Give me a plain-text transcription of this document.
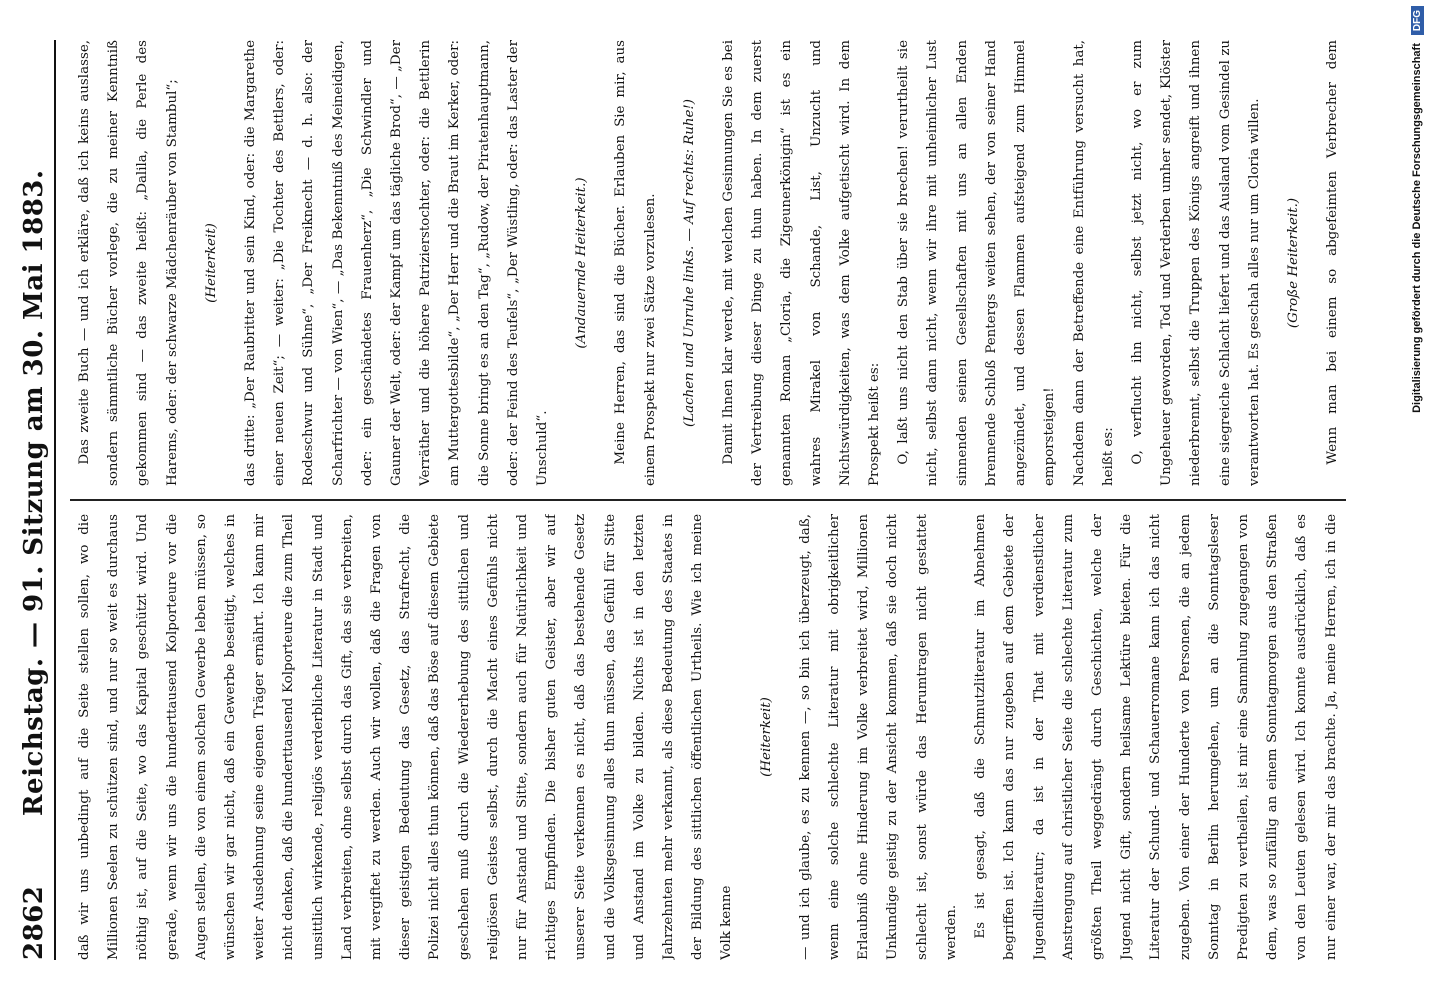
2862
Reichstag. — 91. Sitzung am 30. Mai 1883.	daß wir uns unbedingt auf die Seite stellen sollen, wo die Millionen Seelen zu schützen sind, und nur so weit es durchaus nöthig ist, auf die Seite, wo das Kapital geschützt wird. Und gerade, wenn wir uns die hunderttausend Kolporteure vor die Augen stellen, die von einem solchen Gewerbe leben müssen, so wünschen wir gar nicht, daß ein Gewerbe beseitigt, welches in weiter Ausdehnung seine eigenen Träger ernährt. Ich kann mir nicht denken, daß die hunderttausend Kolporteure die zum Theil unsittlich wirkende, religiös verderbliche Literatur in Stadt und Land verbreiten, ohne selbst durch das Gift, das sie verbreiten, mit vergiftet zu werden. Auch wir wollen, daß die Fragen von dieser geistigen Bedeutung das Gesetz, das Strafrecht, die Polizei nicht alles thun können, daß das Böse auf diesem Gebiete geschehen muß durch die Wiedererhebung des sittlichen und religiösen Geistes selbst, durch die Macht eines Gefühls nicht nur für Anstand und Sitte, sondern auch für Natürlichkeit und richtiges Empfinden. Die bisher guten Geister, aber wir auf unserer Seite verkennen es nicht, daß das bestehende Gesetz und die Volksgesinnung alles thun müssen, das Gefühl für Sitte und Anstand im Volke zu bilden. Nichts ist in den letzten Jahrzehnten mehr verkannt, als diese Bedeutung des Staates in der Bildung des sittlichen öffentlichen Urtheils. Wie ich meine Volk kenne

(Heiterkeit)	— und ich glaube, es zu kennen —, so bin ich überzeugt, daß, wenn eine solche schlechte Literatur mit obrigkeitlicher Erlaubniß ohne Hinderung im Volke verbreitet wird, Millionen Unkundige geistig zu der Ansicht kommen, daß sie doch nicht schlecht ist, sonst würde das Herumtragen nicht gestattet werden.	Es ist gesagt, daß die Schmutzliteratur im Abnehmen begriffen ist. Ich kann das nur zugeben auf dem Gebiete der Jugendliteratur; da ist in der That mit verdienstlicher Anstrengung auf christlicher Seite die schlechte Literatur zum größten Theil weggedrängt durch Geschichten, welche der Jugend nicht Gift, sondern heilsame Lektüre bieten. Für die Literatur der Schund- und Schauerromane kann ich das nicht zugeben. Von einer der Hunderte von Personen, die an jedem Sonntag in Berlin herumgehen, um an die Sonntagsleser Predigten zu vertheilen, ist mir eine Sammlung zugegangen von dem, was so zufällig an einem Sonntagmorgen aus den Straßen von den Leuten gelesen wird. Ich konnte ausdrücklich, daß es nur einer war, der mir das brachte. Ja, meine Herren, ich in die

Das zweite Buch — und ich erkläre, daß ich keins auslasse, sondern sämmtliche Bücher vorlege, die zu meiner Kenntniß gekommen sind — das zweite heißt: „Dalila, die Perle des Harems, oder: der schwarze Mädchenräuber von Stambul“;	(Heiterkeit)	das dritte: „Der Raubritter und sein Kind, oder: die Margarethe einer neuen Zeit“; — weiter: „Die Tochter des Bettlers, oder: Rodeschwur und Sühne“, „Der Freiknecht — d. h. also: der Scharfrichter — von Wien“, — „Das Bekenntniß des Meineidigen, oder: ein geschändetes Frauenherz“, „Die Schwindler und Gauner der Welt, oder: der Kampf um das tägliche Brod“, — „Der Verräther und die höhere Patrizierstochter, oder: die Bettlerin am Muttergottesbilde“, „Der Herr und die Braut im Kerker, oder: die Sonne bringt es an den Tag“, „Rudow, der Piratenhauptmann, oder: der Feind des Teufels“, „Der Wüstling, oder: das Laster der Unschuld“.

(Andauernde Heiterkeit.)	Meine Herren, das sind die Bücher. Erlauben Sie mir, aus einem Prospekt nur zwei Sätze vorzulesen.	(Lachen und Unruhe links. — Auf rechts: Ruhe!)	Damit Ihnen klar werde, mit welchen Gesinnungen Sie es bei der Vertreibung dieser Dinge zu thun haben. In dem zuerst genannten Roman „Cloria, die Zigeunerkönigin“ ist es ein wahres Mirakel von Schande, List, Unzucht und Nichtswürdigkeiten, was dem Volke aufgetischt wird. In dem Prospekt heißt es:	O, laßt uns nicht den Stab über sie brechen! verurtheilt sie nicht, selbst dann nicht, wenn wir ihre mit unheimlicher Lust sinnenden seinen Gesellschaften mit uns an allen Enden brennende Schloß Pentergs weiten sehen, der von seiner Hand angezündet, und dessen Flammen aufsteigend zum Himmel emporsteigen!	Nachdem dann der Betreffende eine Entführung versucht hat, heißt es:	O, verflucht ihn nicht, selbst jetzt nicht, wo er zum Ungeheuer geworden, Tod und Verderben umher sendet, Klöster niederbrennt, selbst die Truppen des Königs angreift und ihnen eine siegreiche Schlacht liefert und das Ausland vom Gesindel zu verantworten hat. Es geschah alles nur um Cloria willen.	(Große Heiterkeit.)

Wenn man bei einem so abgefeimten Verbrecher dem	Digitalisierung gefördert durch die Deutsche Forschungsgemeinschaft
DFG
